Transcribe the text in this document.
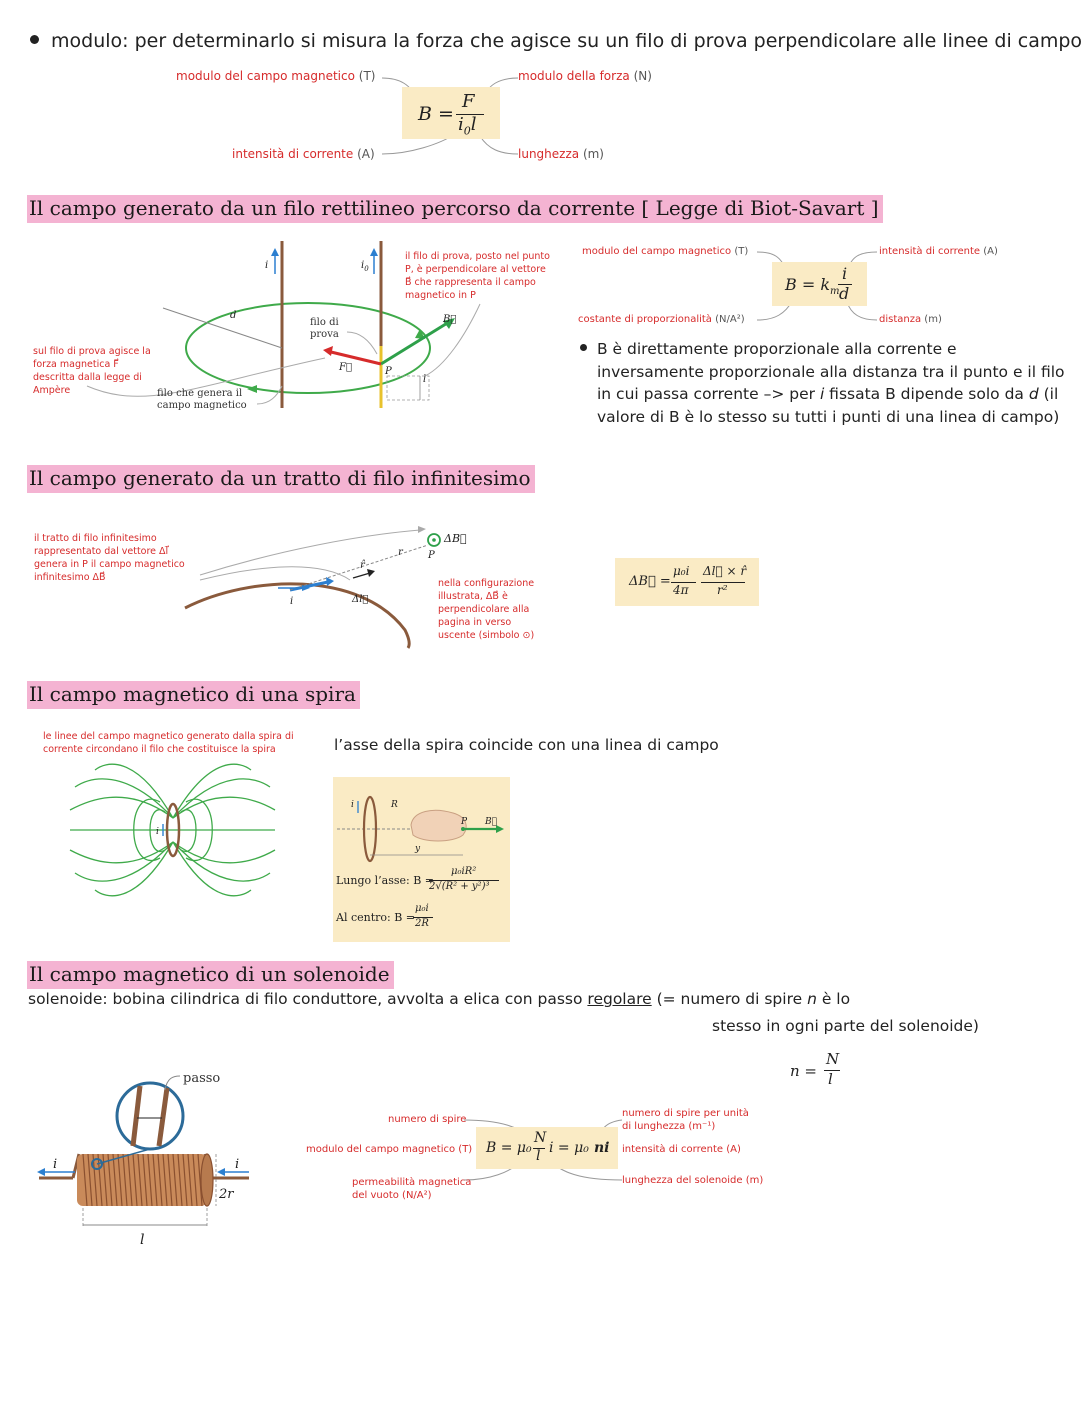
modulo: per determinarlo si misura la forza che agisce su un filo di prova perpendicolare alle linee di campo
modulo del campo magnetico (T)	modulo della forza (N)
intensità di corrente (A)	lunghezza (m)
B =
F
$i_0l$
Il campo generato da un filo rettilineo percorso da corrente [ Legge di Biot-Savart ]
i	$i_0$
d	B⃗
F⃗	P
l
sul filo di prova agisce la forza magnetica F⃗ descritta dalla legge di Ampère	filo che genera il campo magnetico
filo di prova
il filo di prova, posto nel punto P, è perpendicolare al vettore B⃗ che rappresenta il campo magnetico in P
modulo del campo magnetico (T)	intensità di corrente (A)
costante di proporzionalità (N/A²)	distanza (m)
$B = k_m$
i
d
B è direttamente proporzionale alla corrente e
inversamente proporzionale alla distanza tra il punto e il filo
in cui passa corrente –> per i fissata B dipende solo da d (il
valore di B è lo stesso su tutti i punti di una linea di campo)
Il campo generato da un tratto di filo infinitesimo
ΔB⃗
P
r
r̂
Δl⃗
i
il tratto di filo infinitesimo rappresentato dal vettore Δl⃗ genera in P il campo magnetico infinitesimo ΔB⃗
nella configurazione illustrata, ΔB⃗ è perpendicolare alla pagina in verso uscente (simbolo ⊙)
ΔB⃗ =
μ₀i
4π
Δl⃗ × r̂
r²
Il campo magnetico di una spira
le linee del campo magnetico generato dalla spira di corrente circondano il filo che costituisce la spira	l’asse della spira coincide con una linea di campo
i
i	R
P B⃗
y
Lungo l’asse: B =
μ₀iR²
2√(R² + y²)³
Al centro: B =
μ₀i
2R
Il campo magnetico di un solenoide
solenoide: bobina cilindrica di filo conduttore, avvolta a elica con passo regolare (= numero di spire n è lo
stesso in ogni parte del solenoide)
n =
N
l
passo
i	i
2r
l
numero di spire
modulo del campo magnetico (T)
permeabilità magnetica del vuoto (N/A²)
numero di spire per unità di lunghezza (m⁻¹)
intensità di corrente (A)
lunghezza del solenoide (m)
B = μ₀
N
l i = μ₀ ni
